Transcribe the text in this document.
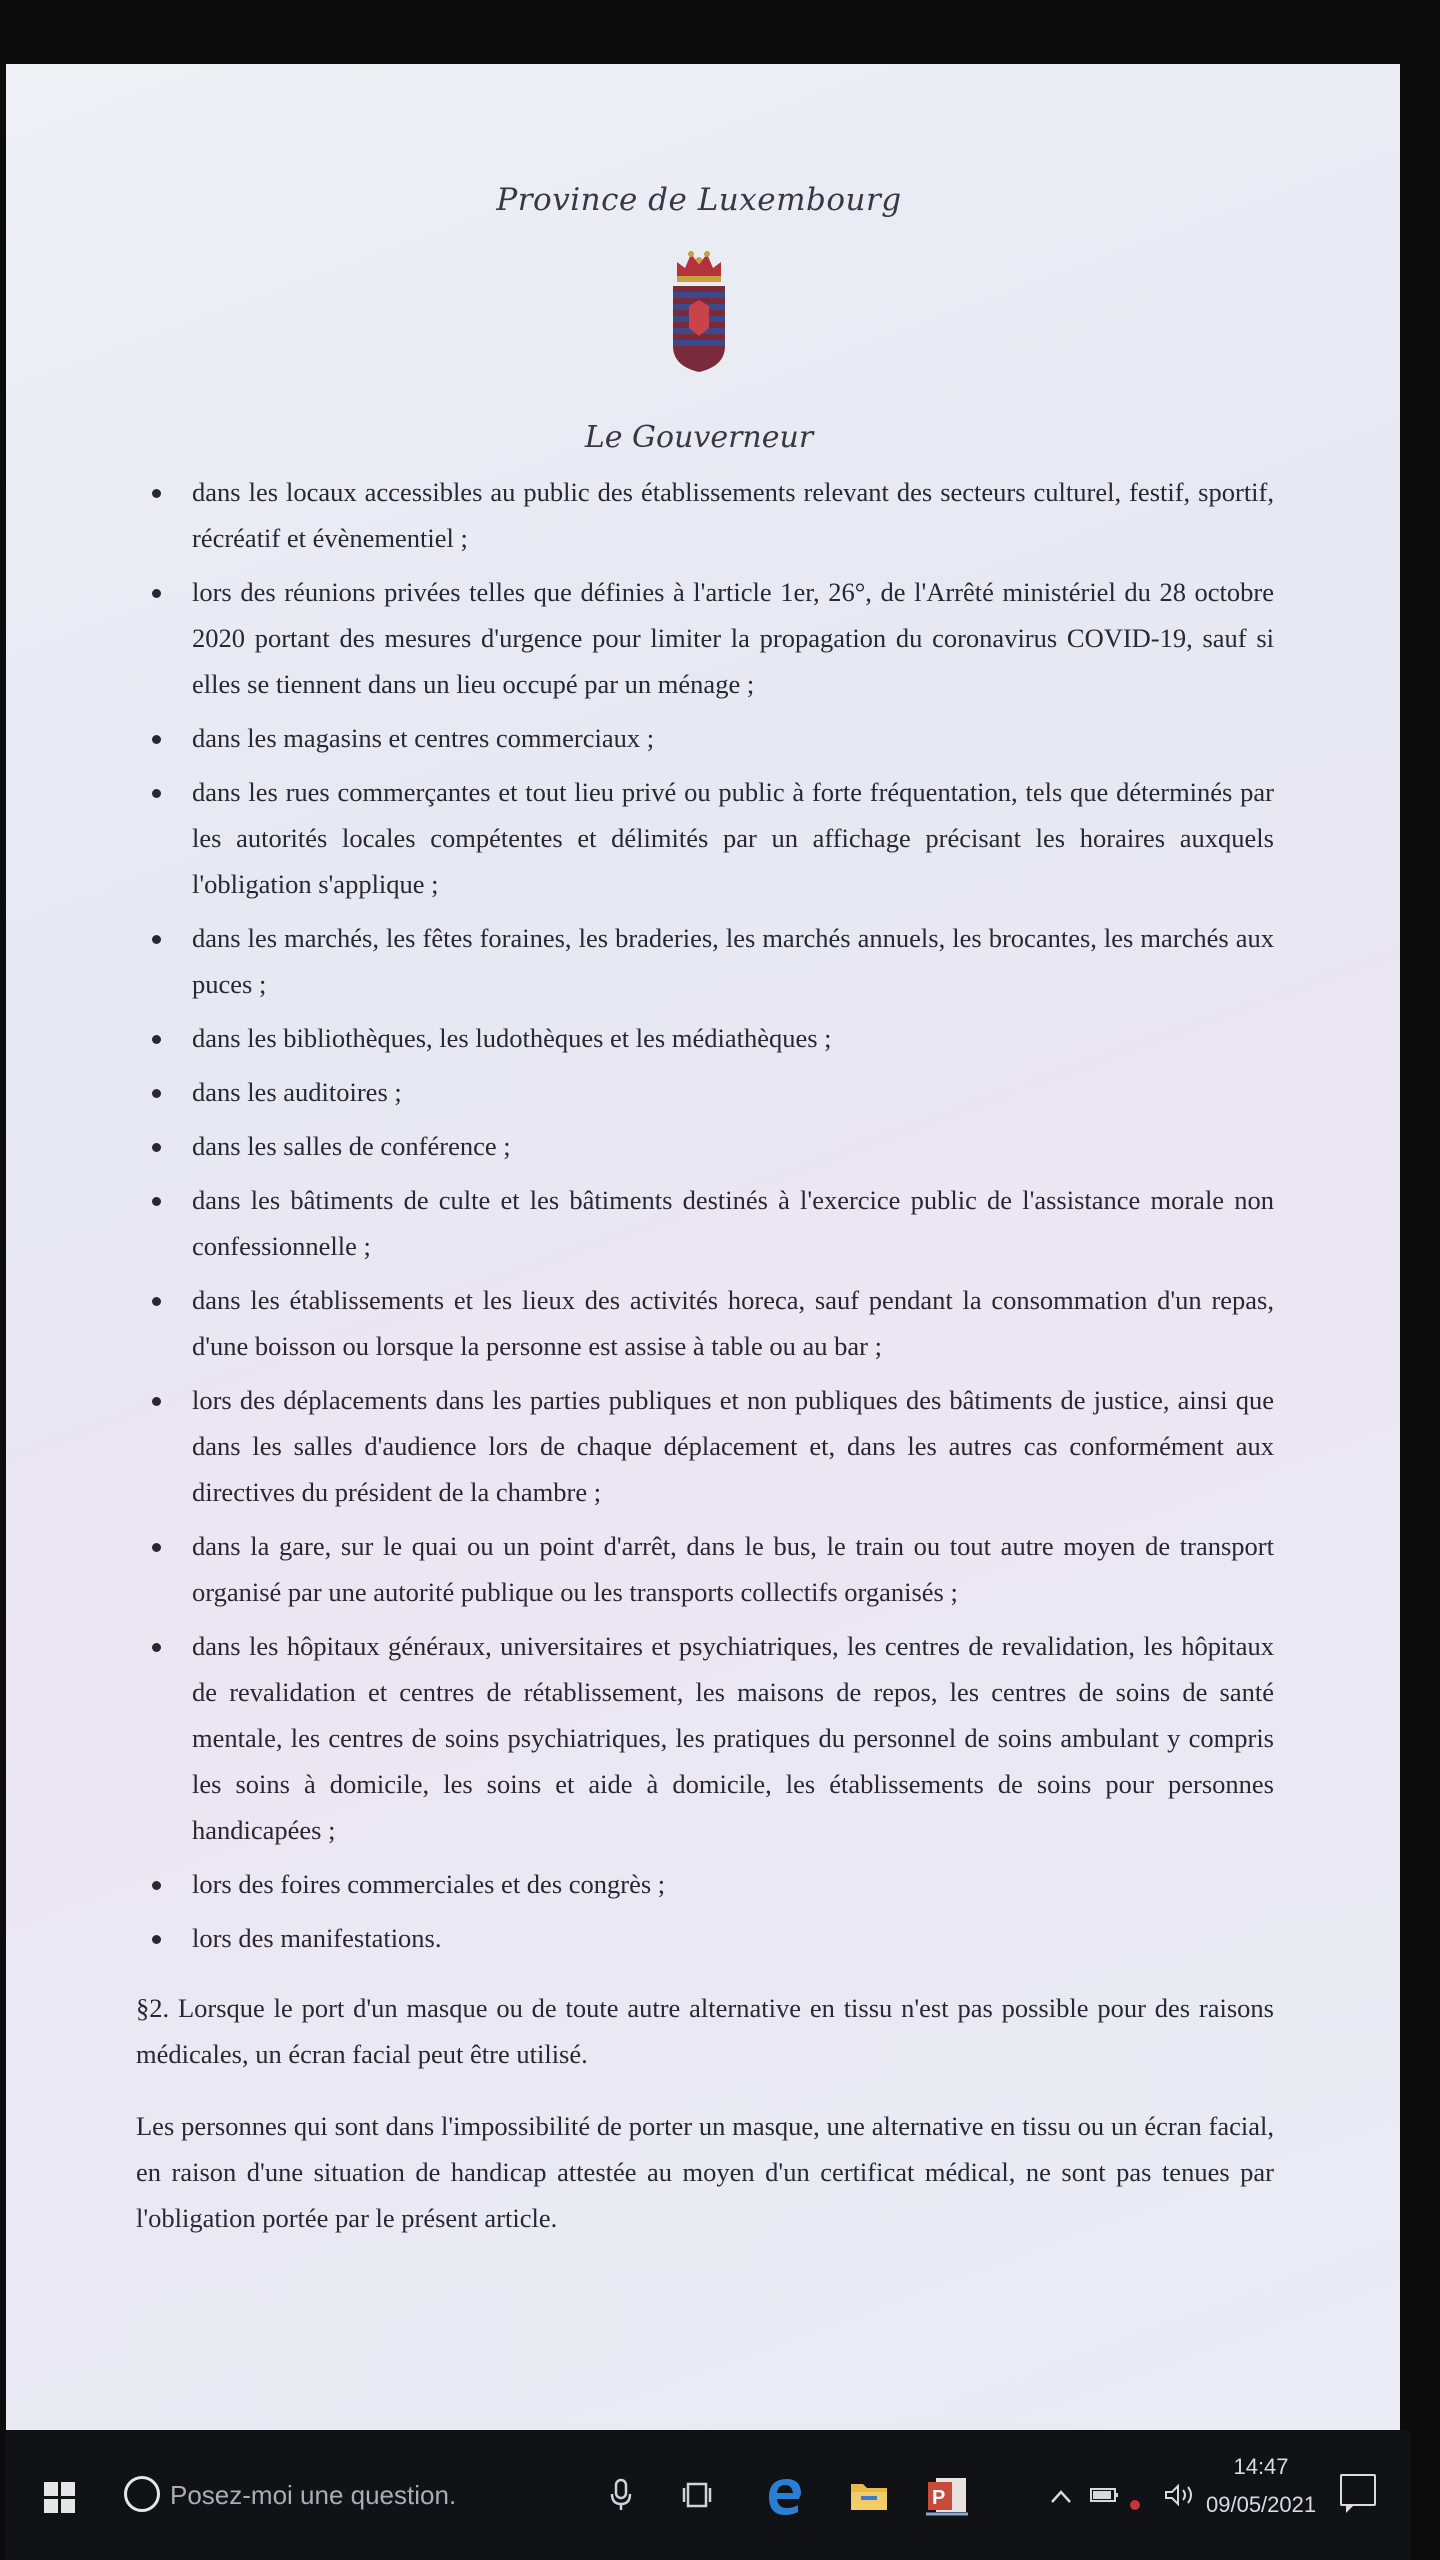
Province de Luxembourg
Le Gouverneur
dans les locaux accessibles au public des établissements relevant des secteurs culturel, festif, sportif, récréatif et évènementiel ;
lors des réunions privées telles que définies à l'article 1er, 26°, de l'Arrêté ministériel du 28 octobre 2020 portant des mesures d'urgence pour limiter la propagation du coronavirus COVID-19, sauf si elles se tiennent dans un lieu occupé par un ménage ;
dans les magasins et centres commerciaux ;
dans les rues commerçantes et tout lieu privé ou public à forte fréquentation, tels que déterminés par les autorités locales compétentes et délimités par un affichage précisant les horaires auxquels l'obligation s'applique ;
dans les marchés, les fêtes foraines, les braderies, les marchés annuels, les brocantes, les marchés aux puces ;
dans les bibliothèques, les ludothèques et les médiathèques ;
dans les auditoires ;
dans les salles de conférence ;
dans les bâtiments de culte et les bâtiments destinés à l'exercice public de l'assistance morale non confessionnelle ;
dans les établissements et les lieux des activités horeca, sauf pendant la consommation d'un repas, d'une boisson ou lorsque la personne est assise à table ou au bar ;
lors des déplacements dans les parties publiques et non publiques des bâtiments de justice, ainsi que dans les salles d'audience lors de chaque déplacement et, dans les autres cas conformément aux directives du président de la chambre ;
dans la gare, sur le quai ou un point d'arrêt, dans le bus, le train ou tout autre moyen de transport organisé par une autorité publique ou les transports collectifs organisés ;
dans les hôpitaux généraux, universitaires et psychiatriques, les centres de revalidation, les hôpitaux de revalidation et centres de rétablissement, les maisons de repos, les centres de soins de santé mentale, les centres de soins psychiatriques, les pratiques du personnel de soins ambulant y compris les soins à domicile, les soins et aide à domicile, les établissements de soins pour personnes handicapées ;
lors des foires commerciales et des congrès ;
lors des manifestations.
§2. Lorsque le port d'un masque ou de toute autre alternative en tissu n'est pas possible pour des raisons médicales, un écran facial peut être utilisé.
Les personnes qui sont dans l'impossibilité de porter un masque, une alternative en tissu ou un écran facial, en raison d'une situation de handicap attestée au moyen d'un certificat médical, ne sont pas tenues par l'obligation portée par le présent article.
Posez-moi une question.	P
14:47
09/05/2021
